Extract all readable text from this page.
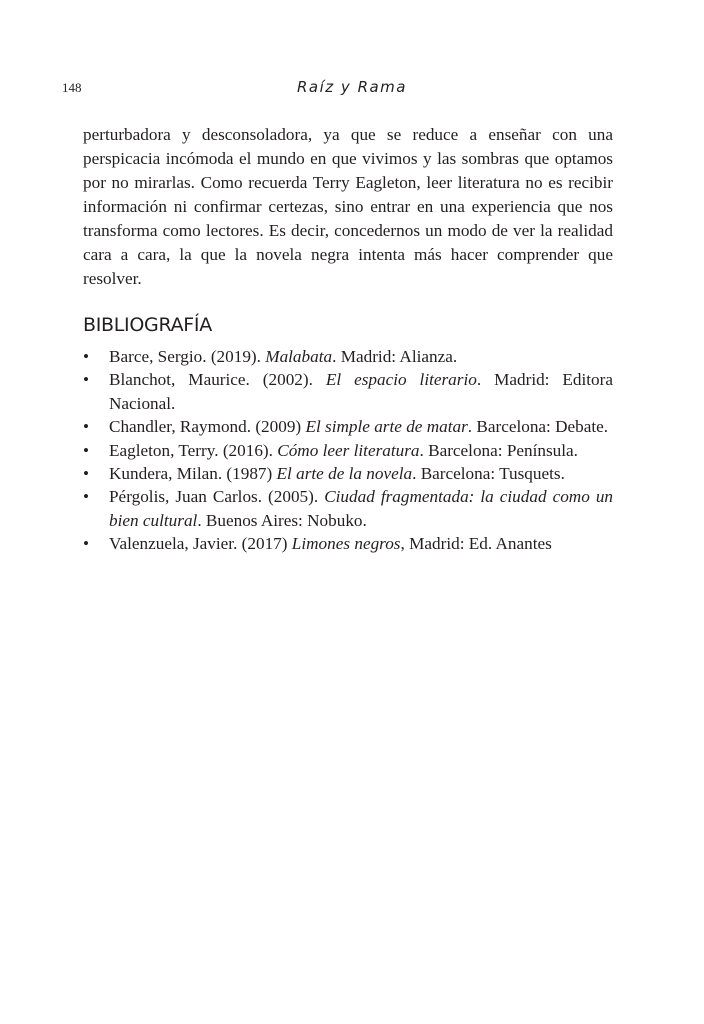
148	Raíz y Rama

perturbadora y desconsoladora, ya que se reduce a enseñar con una perspicacia incómoda el mundo en que vivimos y las sombras que optamos por no mirarlas. Como recuerda Terry Eagleton, leer literatura no es recibir información ni confirmar certezas, sino entrar en una experiencia que nos transforma como lectores. Es decir, concedernos un modo de ver la realidad cara a cara, la que la novela negra intenta más hacer comprender que resolver.

BIBLIOGRAFÍA
• Barce, Sergio. (2019). Malabata. Madrid: Alianza.
• Blanchot, Maurice. (2002). El espacio literario. Madrid: Editora Nacional.
• Chandler, Raymond. (2009) El simple arte de matar. Barcelona: Debate.
• Eagleton, Terry. (2016). Cómo leer literatura. Barcelona: Península.
• Kundera, Milan. (1987) El arte de la novela. Barcelona: Tusquets.
• Pérgolis, Juan Carlos. (2005). Ciudad fragmentada: la ciudad como un bien cultural. Buenos Aires: Nobuko.
• Valenzuela, Javier. (2017) Limones negros, Madrid: Ed. Anantes
